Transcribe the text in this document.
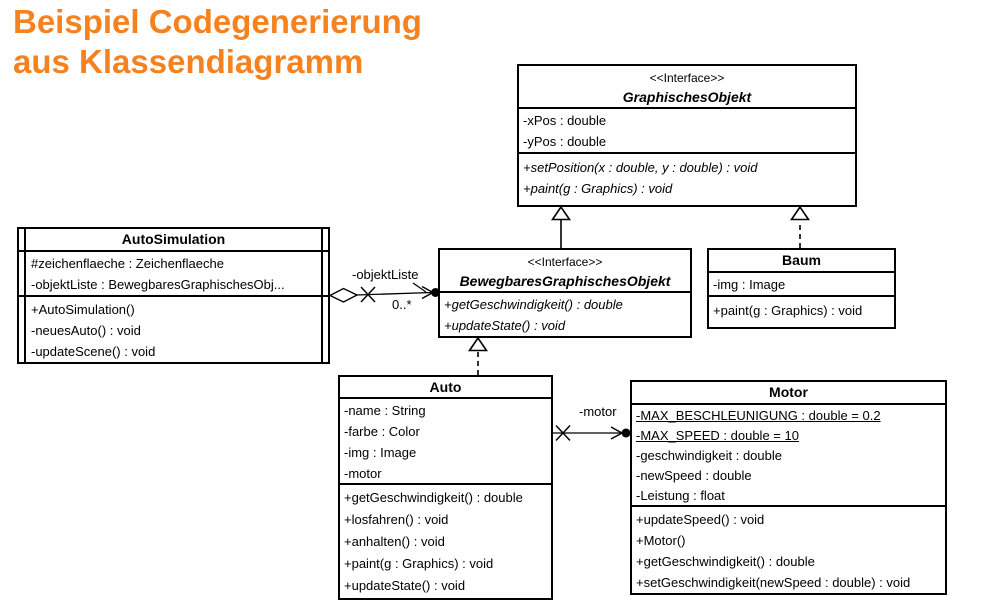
Beispiel Codegenerierung
aus Klassendiagramm
-objektListe
0..*
-motor
<<Interface>>
GraphischesObjekt
-xPos : double
-yPos : double
+setPosition(x : double, y : double) : void
+paint(g : Graphics) : void
AutoSimulation
#zeichenflaeche : Zeichenflaeche
-objektListe : BewegbaresGraphischesObj...
+AutoSimulation()
-neuesAuto() : void
-updateScene() : void
<<Interface>>
BewegbaresGraphischesObjekt
+getGeschwindigkeit() : double
+updateState() : void
Baum
-img : Image
+paint(g : Graphics) : void
Auto
-name : String
-farbe : Color
-img : Image
-motor
+getGeschwindigkeit() : double
+losfahren() : void
+anhalten() : void
+paint(g : Graphics) : void
+updateState() : void
Motor
-MAX_BESCHLEUNIGUNG : double = 0.2
-MAX_SPEED : double = 10
-geschwindigkeit : double
-newSpeed : double
-Leistung : float
+updateSpeed() : void
+Motor()
+getGeschwindigkeit() : double
+setGeschwindigkeit(newSpeed : double) : void
